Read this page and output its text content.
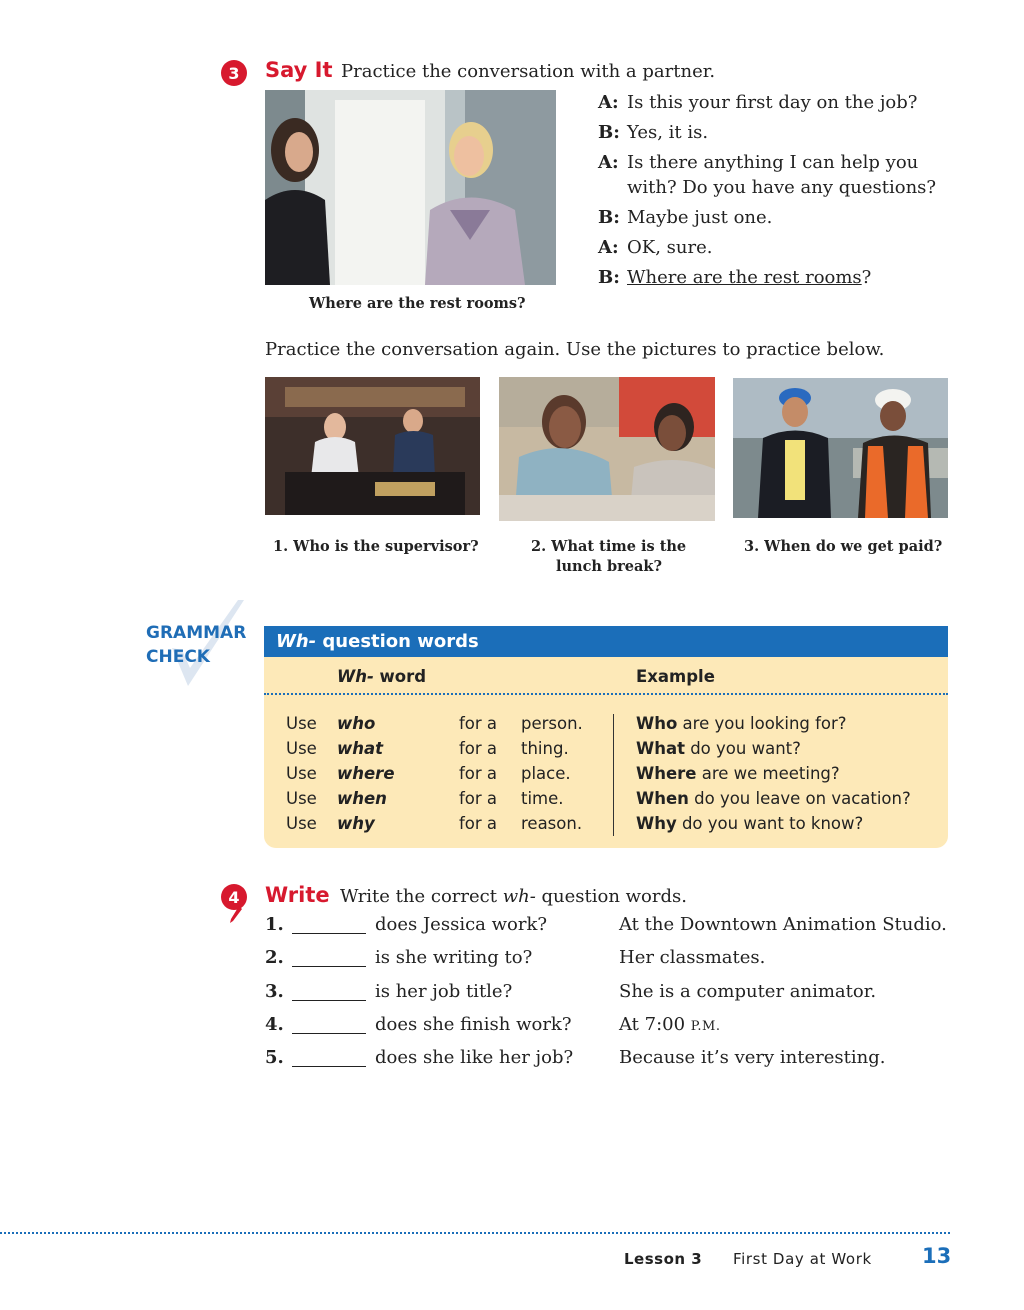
3	Say It Practice the conversation with a partner.
Where are the rest rooms?
A: Is this your first day on the job?
B: Yes, it is.
A: Is there anything I can help you with? Do you have any questions?
B: Maybe just one.
A: OK, sure.
B: Where are the rest rooms?
Practice the conversation again. Use the pictures to practice below.
1. Who is the supervisor?	2. What time is the
lunch break?
3. When do we get paid?
GRAMMAR
CHECK
Wh- question words
Wh- word	Example
Use who	for a person.	Who are you looking for?
Use what	for a thing.	What do you want?
Use where	for a place.	Where are we meeting?
Use when	for a time.	When do you leave on vacation?
Use why	for a reason.	Why do you want to know?
4	Write Write the correct wh- question words.
1.	does Jessica work?	At the Downtown Animation Studio.
2.	is she writing to?	Her classmates.
3.	is her job title?	She is a computer animator.
4.	does she finish work?	At 7:00 P.M.
5.	does she like her job?	Because it’s very interesting.
Lesson 3 First Day at Work 13
